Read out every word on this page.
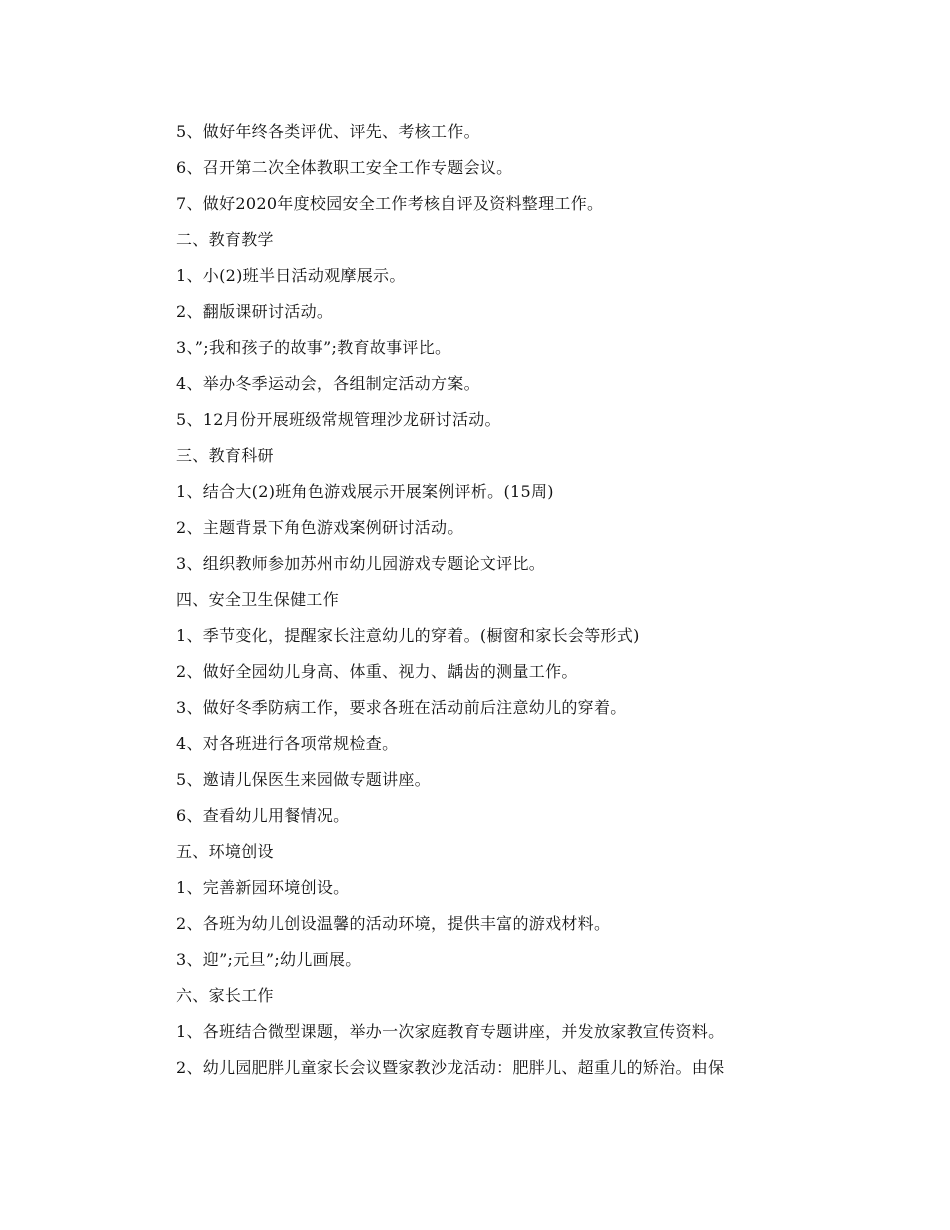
5、做好年终各类评优、评先、考核工作。
6、召开第二次全体教职工安全工作专题会议。
7、做好2020年度校园安全工作考核自评及资料整理工作。
二、教育教学
1、小(2)班半日活动观摩展示。
2、翻版课研讨活动。
3、”;我和孩子的故事”;教育故事评比。
4、举办冬季运动会，各组制定活动方案。
5、12月份开展班级常规管理沙龙研讨活动。
三、教育科研
1、结合大(2)班角色游戏展示开展案例评析。(15周)
2、主题背景下角色游戏案例研讨活动。
3、组织教师参加苏州市幼儿园游戏专题论文评比。
四、安全卫生保健工作
1、季节变化，提醒家长注意幼儿的穿着。(橱窗和家长会等形式)
2、做好全园幼儿身高、体重、视力、龋齿的测量工作。
3、做好冬季防病工作，要求各班在活动前后注意幼儿的穿着。
4、对各班进行各项常规检查。
5、邀请儿保医生来园做专题讲座。
6、查看幼儿用餐情况。
五、环境创设
1、完善新园环境创设。
2、各班为幼儿创设温馨的活动环境，提供丰富的游戏材料。
3、迎”;元旦”;幼儿画展。
六、家长工作
1、各班结合微型课题，举办一次家庭教育专题讲座，并发放家教宣传资料。
2、幼儿园肥胖儿童家长会议暨家教沙龙活动：肥胖儿、超重儿的矫治。由保
